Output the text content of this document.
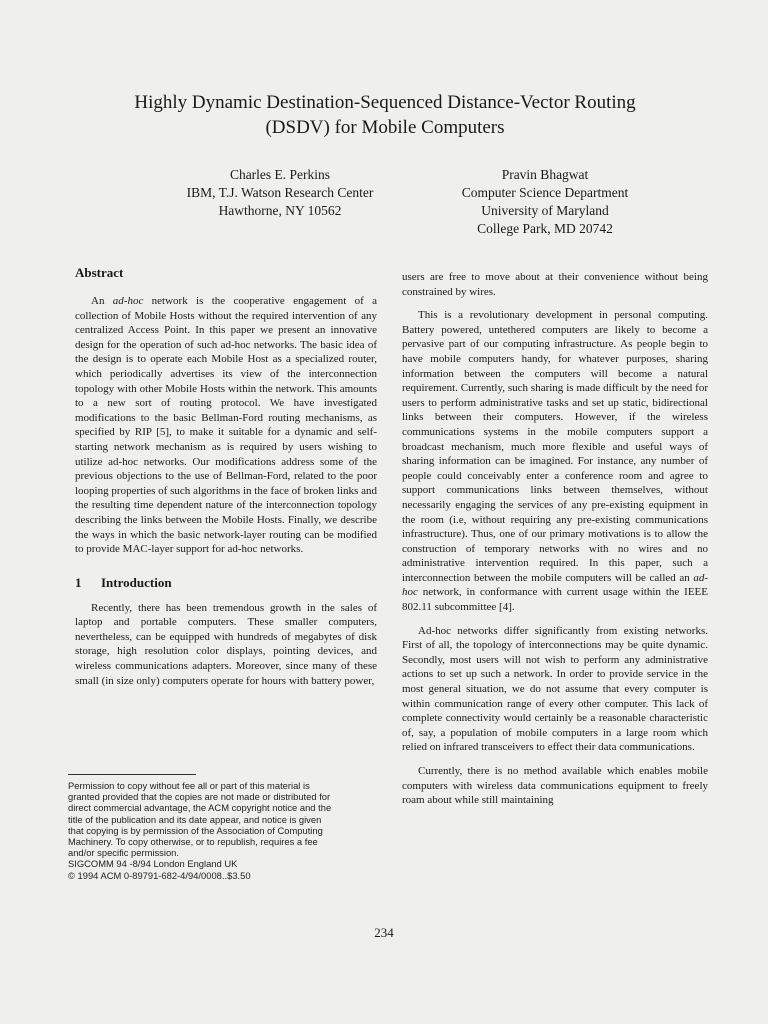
Highly Dynamic Destination-Sequenced Distance-Vector Routing
(DSDV) for Mobile Computers
Charles E. Perkins
IBM, T.J. Watson Research Center
Hawthorne, NY 10562
Pravin Bhagwat
Computer Science Department
University of Maryland
College Park, MD 20742
Abstract

An ad-hoc network is the cooperative engagement of a collection of Mobile Hosts without the required intervention of any centralized Access Point. In this paper we present an innovative design for the operation of such ad-hoc networks. The basic idea of the design is to operate each Mobile Host as a specialized router, which periodically advertises its view of the interconnection topology with other Mobile Hosts within the network. This amounts to a new sort of routing protocol. We have investigated modifications to the basic Bellman-Ford routing mechanisms, as specified by RIP [5], to make it suitable for a dynamic and self-starting network mechanism as is required by users wishing to utilize ad-hoc networks. Our modifications address some of the previous objections to the use of Bellman-Ford, related to the poor looping properties of such algorithms in the face of broken links and the resulting time dependent nature of the interconnection topology describing the links between the Mobile Hosts. Finally, we describe the ways in which the basic network-layer routing can be modified to provide MAC-layer support for ad-hoc networks.

1 Introduction

Recently, there has been tremendous growth in the sales of laptop and portable computers. These smaller computers, nevertheless, can be equipped with hundreds of megabytes of disk storage, high resolution color displays, pointing devices, and wireless communications adapters. Moreover, since many of these small (in size only) computers operate for hours with battery power,

users are free to move about at their convenience without being constrained by wires.

This is a revolutionary development in personal computing. Battery powered, untethered computers are likely to become a pervasive part of our computing infrastructure. As people begin to have mobile computers handy, for whatever purposes, sharing information between the computers will become a natural requirement. Currently, such sharing is made difficult by the need for users to perform administrative tasks and set up static, bidirectional links between their computers. However, if the wireless communications systems in the mobile computers support a broadcast mechanism, much more flexible and useful ways of sharing information can be imagined. For instance, any number of people could conceivably enter a conference room and agree to support communications links between themselves, without necessarily engaging the services of any pre-existing equipment in the room (i.e, without requiring any pre-existing communications infrastructure). Thus, one of our primary motivations is to allow the construction of temporary networks with no wires and no administrative intervention required. In this paper, such a interconnection between the mobile computers will be called an ad-hoc network, in conformance with current usage within the IEEE 802.11 subcommittee [4].

Ad-hoc networks differ significantly from existing networks. First of all, the topology of interconnections may be quite dynamic. Secondly, most users will not wish to perform any administrative actions to set up such a network. In order to provide service in the most general situation, we do not assume that every computer is within communication range of every other computer. This lack of complete connectivity would certainly be a reasonable characteristic of, say, a population of mobile computers in a large room which relied on infrared transceivers to effect their data communications.

Currently, there is no method available which enables mobile computers with wireless data communications equipment to freely roam about while still maintaining

Permission to copy without fee all or part of this material is
granted provided that the copies are not made or distributed for
direct commercial advantage, the ACM copyright notice and the
title of the publication and its date appear, and notice is given
that copying is by permission of the Association of Computing
Machinery. To copy otherwise, or to republish, requires a fee
and/or specific permission.
SIGCOMM 94 -8/94 London England UK
© 1994 ACM 0-89791-682-4/94/0008..$3.50
234
